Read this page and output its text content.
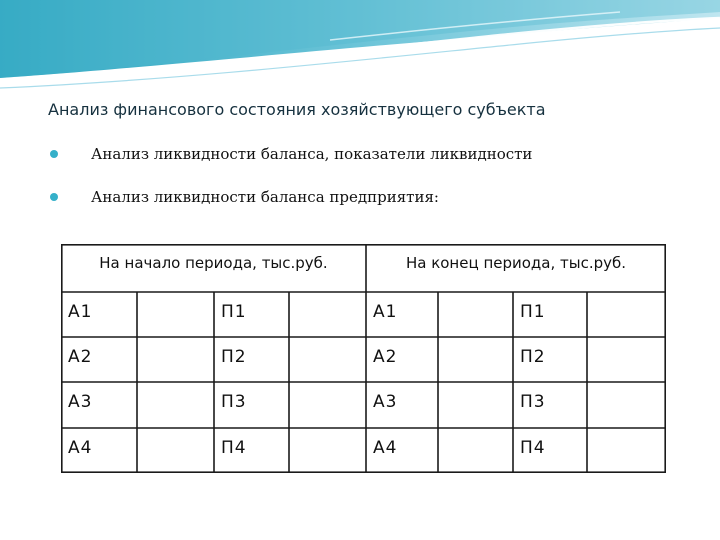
Анализ финансового состояния хозяйствующего субъекта
Анализ ликвидности баланса, показатели ликвидности
Анализ ликвидности баланса предприятия:
На начало периода, тыс.руб.	На конец периода, тыс.руб.
А1	П1	А1	П1
А2	П2	А2	П2
А3	П3	А3	П3
А4	П4	А4	П4
